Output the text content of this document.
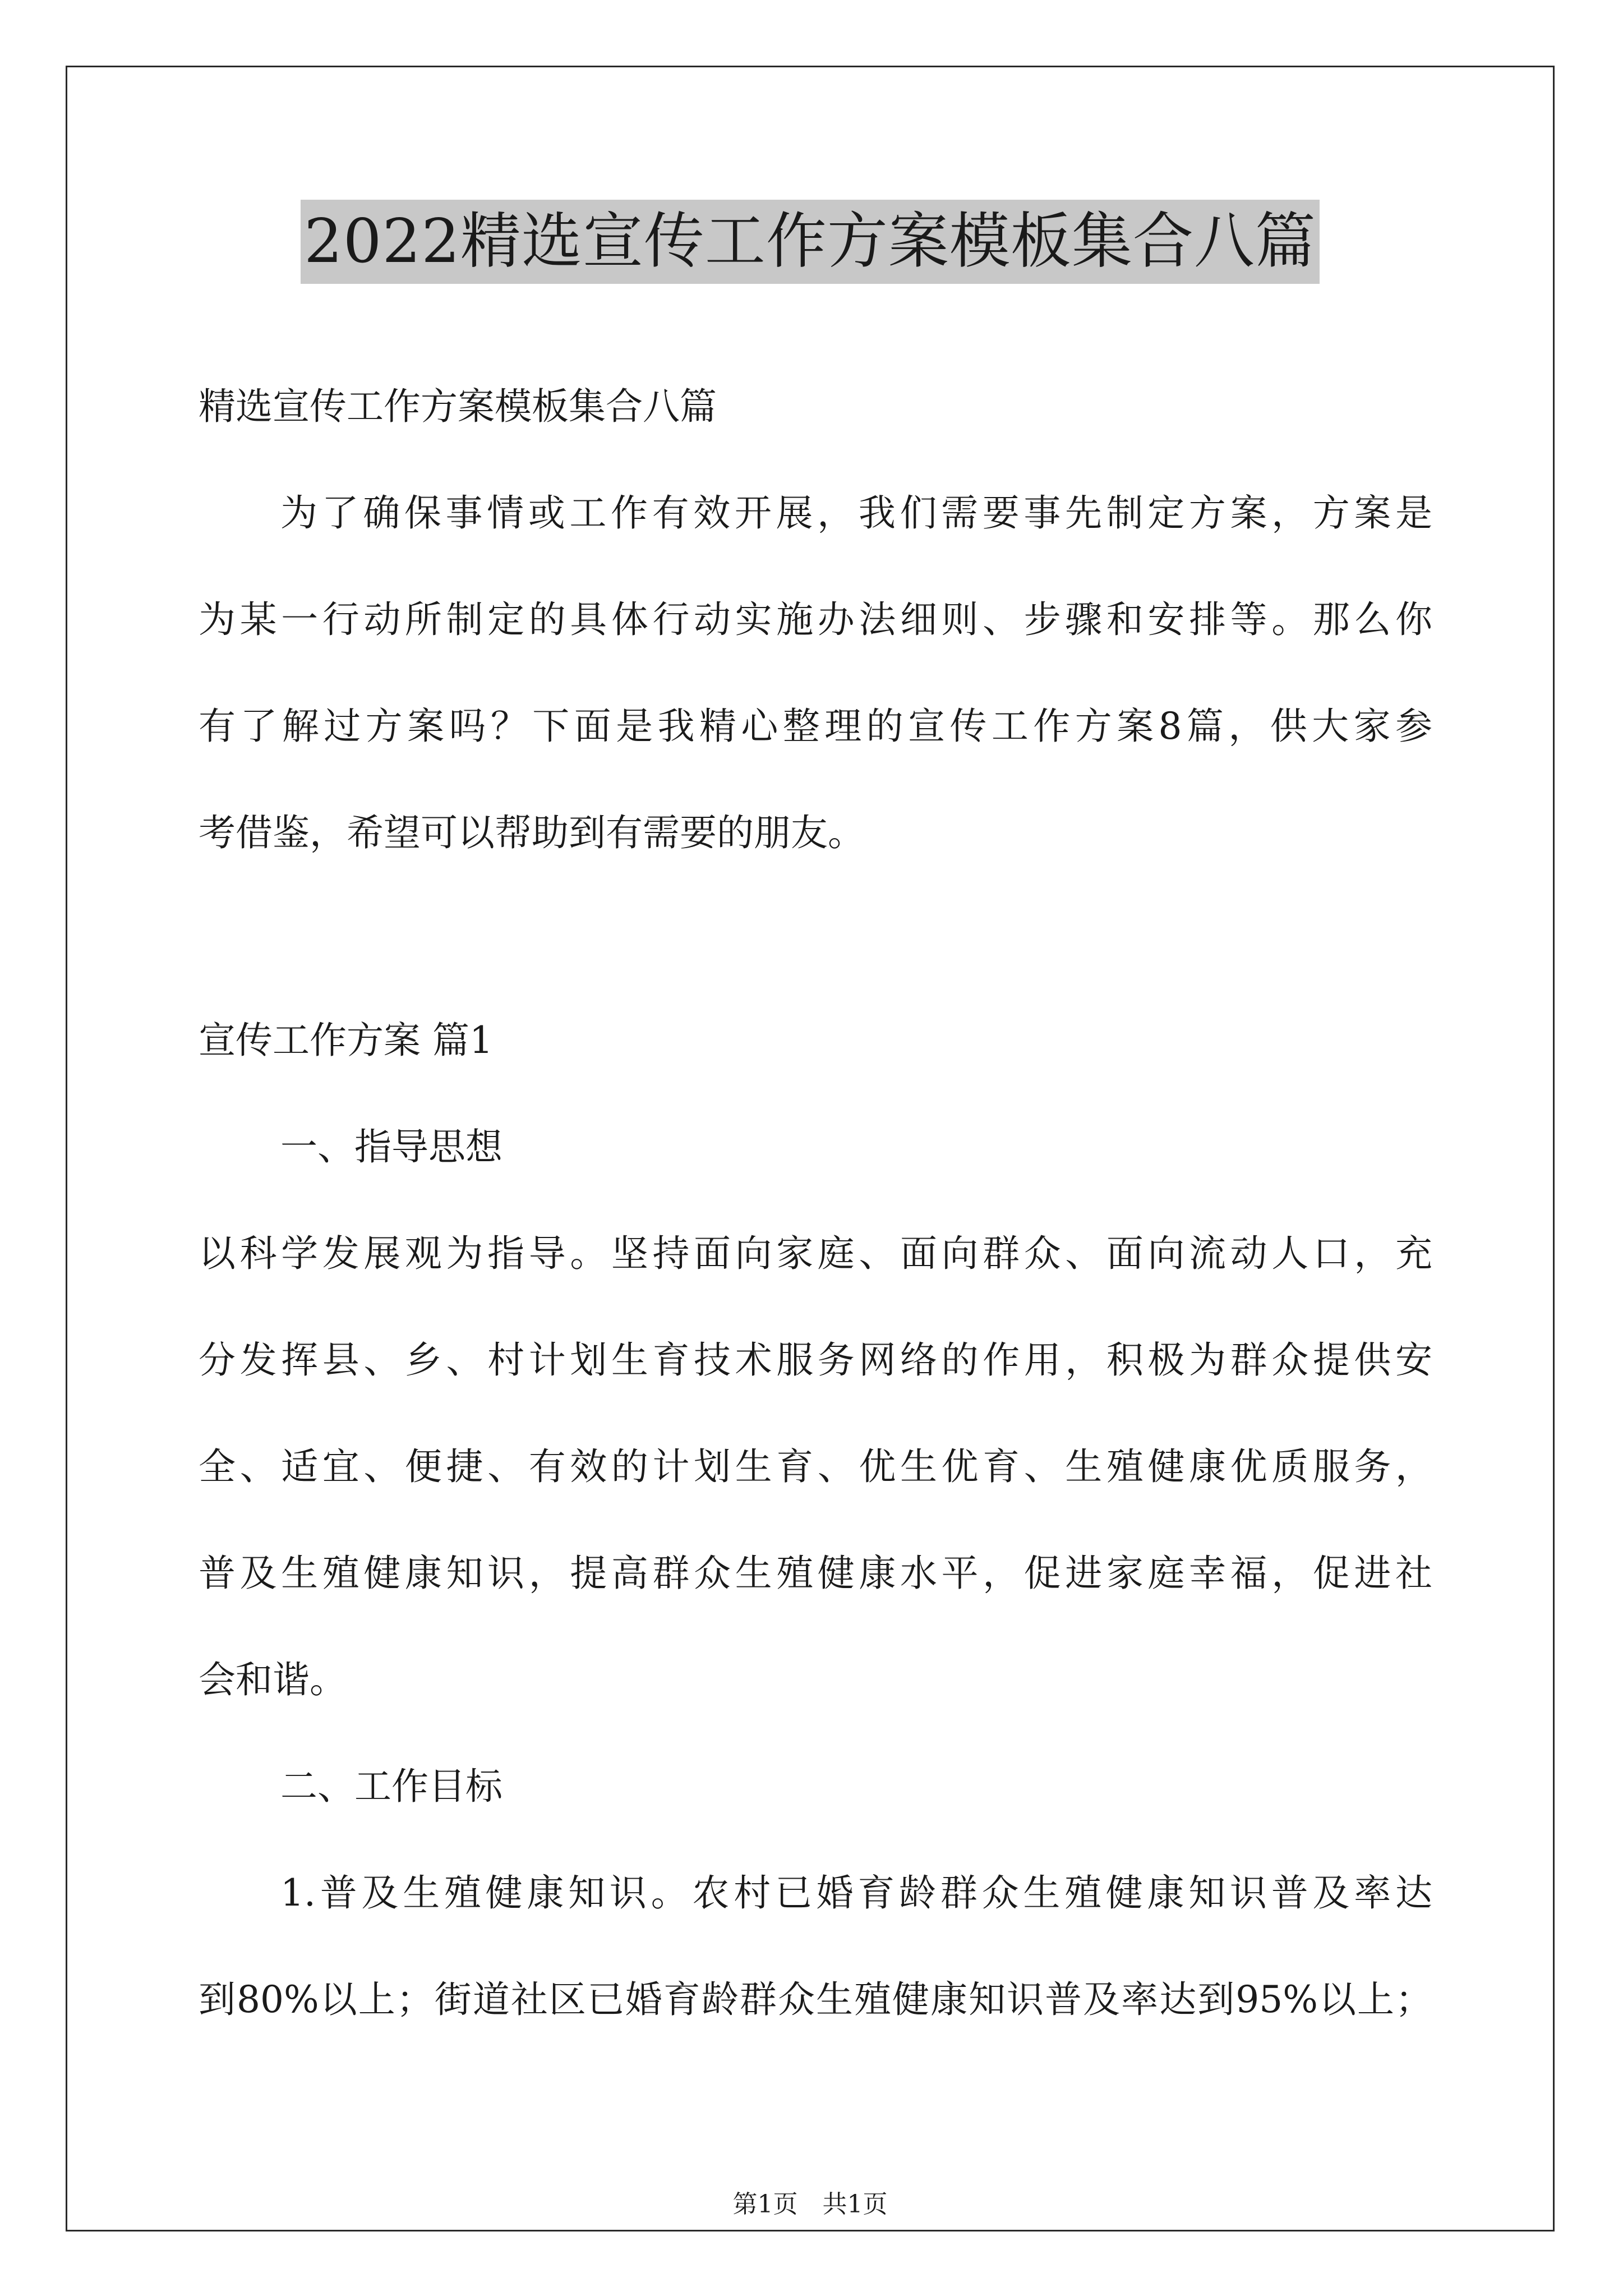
2022精选宣传工作方案模板集合八篇

精选宣传工作方案模板集合八篇

为了确保事情或工作有效开展，我们需要事先制定方案，方案是

为某一行动所制定的具体行动实施办法细则、步骤和安排等。那么你

有了解过方案吗？下面是我精心整理的宣传工作方案8篇，供大家参

考借鉴，希望可以帮助到有需要的朋友。

宣传工作方案 篇1

一、指导思想

以科学发展观为指导。坚持面向家庭、面向群众、面向流动人口，充

分发挥县、乡、村计划生育技术服务网络的作用，积极为群众提供安

全、适宜、便捷、有效的计划生育、优生优育、生殖健康优质服务，

普及生殖健康知识，提高群众生殖健康水平，促进家庭幸福，促进社

会和谐。

二、工作目标

1.普及生殖健康知识。农村已婚育龄群众生殖健康知识普及率达

到80%以上；街道社区已婚育龄群众生殖健康知识普及率达到95%以上；

第1页　共1页
